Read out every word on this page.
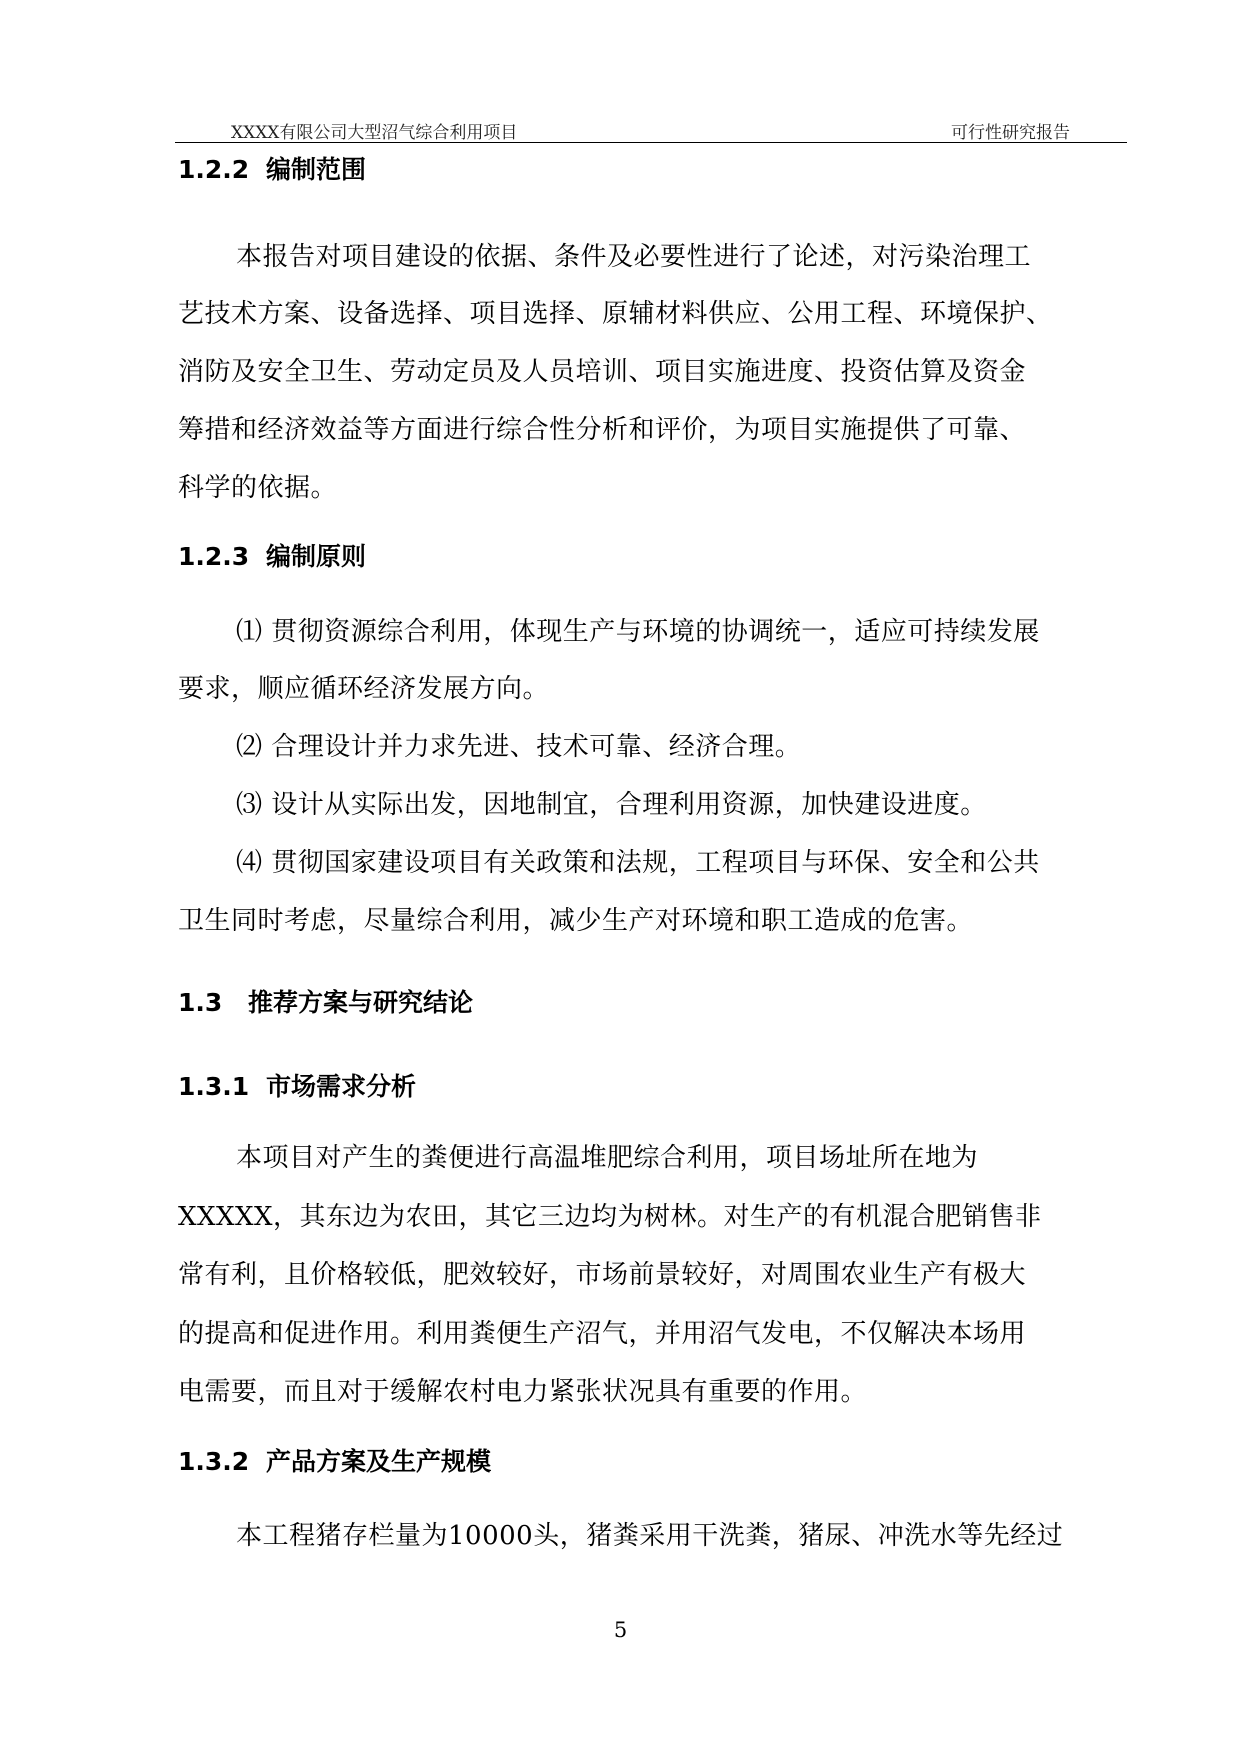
XXXX有限公司大型沼气综合利用项目	可行性研究报告
1.2.2 编制范围
本报告对项目建设的依据、条件及必要性进行了论述，对污染治理工
艺技术方案、设备选择、项目选择、原辅材料供应、公用工程、环境保护、
消防及安全卫生、劳动定员及人员培训、项目实施进度、投资估算及资金
筹措和经济效益等方面进行综合性分析和评价，为项目实施提供了可靠、
科学的依据。
1.2.3 编制原则
⑴ 贯彻资源综合利用，体现生产与环境的协调统一，适应可持续发展
要求，顺应循环经济发展方向。
⑵ 合理设计并力求先进、技术可靠、经济合理。
⑶ 设计从实际出发，因地制宜，合理利用资源，加快建设进度。
⑷ 贯彻国家建设项目有关政策和法规，工程项目与环保、安全和公共
卫生同时考虑，尽量综合利用，减少生产对环境和职工造成的危害。
1.3 推荐方案与研究结论
1.3.1 市场需求分析
本项目对产生的粪便进行高温堆肥综合利用，项目场址所在地为
XXXXX，其东边为农田，其它三边均为树林。对生产的有机混合肥销售非
常有利，且价格较低，肥效较好，市场前景较好，对周围农业生产有极大
的提高和促进作用。利用粪便生产沼气，并用沼气发电，不仅解决本场用
电需要，而且对于缓解农村电力紧张状况具有重要的作用。
1.3.2 产品方案及生产规模
本工程猪存栏量为10000头，猪粪采用干洗粪，猪尿、冲洗水等先经过
5
